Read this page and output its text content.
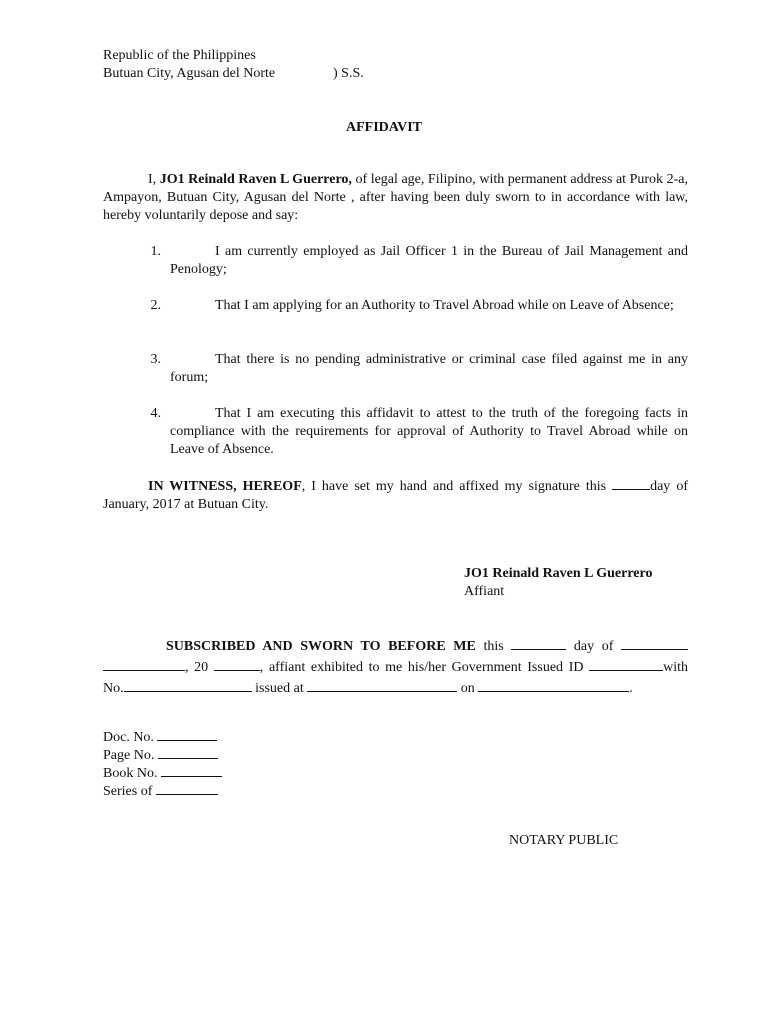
Republic of the Philippines
Butuan City, Agusan del Norte	) S.S.
AFFIDAVIT
I, JO1 Reinald Raven L Guerrero, of legal age, Filipino, with permanent address at Purok 2-a, Ampayon, Butuan City, Agusan del Norte , after having been duly sworn to in accordance with law, hereby voluntarily depose and say:
1.	I am currently employed as Jail Officer 1 in the Bureau of Jail Management and Penology;
2.	That I am applying for an Authority to Travel Abroad while on Leave of Absence;
3.	That there is no pending administrative or criminal case filed against me in any forum;
4.	That I am executing this affidavit to attest to the truth of the foregoing facts in compliance with the requirements for approval of Authority to Travel Abroad while on Leave of Absence.
IN WITNESS, HEREOF, I have set my hand and affixed my signature this	day of January, 2017 at Butuan City.
JO1 Reinald Raven L Guerrero
Affiant
SUBSCRIBED AND SWORN TO BEFORE ME this	day of  , 20	, affiant exhibited to me his/her Government Issued ID	with No.	issued at	on	.
Doc. No.
Page No.
Book No.
Series of
NOTARY PUBLIC
